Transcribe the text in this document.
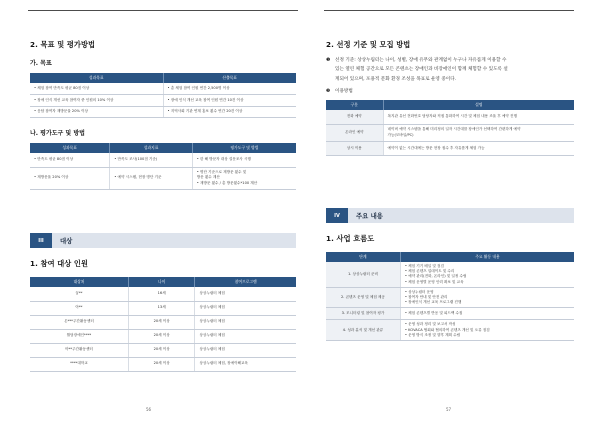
2. 목표 및 평가방법
가. 목표
성과목표	산출목표
• 체험 참여 만족도 평균 80점 이상	• 총 체험 참여 인원 연간 2,500명 이상
• 장애 인식 개선 교육 참여자 중 인원의 10% 이상	• 장애 인식 개선 교육 참여 인원 연간 10건 이상
• 응답 참여자 재방문율 20% 이상	• 지역사회 기관 연계 홍보 횟수 연간 20건 이상
나. 평가도구 및 방법
성과목표	성과지표	평가도구 및 방법
• 만족도 평균 80점 이상	• 만족도 조사(100점 기준)	• 한 해 방문자 대상 설문조사 시행
• 재방문율 20% 이상	• 예약 시스템, 현장 명단 기준	• 명단 기준으로 재방문 횟수 및
방문 횟수 계산
• 재방문 횟수 / 총 방문횟수*100 계산
III	대상
1. 참여 대상 인원
대상처	나이	참여프로그램
꿈**	16세	상상누림터 체험
아**	13세	상상누림터 체험
온***주간활동센터	20세 이상	상상누림터 체험
월담장애인****	20세 이상	상상누림터 체험
아**주간활동센터	20세 이상	상상누림터 체험
****대학교	20세 이상	상상누림터 체험, 장애이해교육
56
2. 선정 기준 및 모집 방법
❶	선정 기준: 상상누림터는 나이, 성별, 장애 유무와 관계없이 누구나 자유롭게 이용할 수
있는 열린 체험 공간으로 모든 콘텐츠는 장애인과 비장애인이 함께 체험할 수 있도록 설
계되어 있으며, 포용적 문화 환경 조성을 목표로 운영 중이다.
❷	이용방법
구분	설명
전화 예약	복지관 유선 전화번호 담당자와 직접 통화하여 시간 및 체험 내용 조율 후 예약 진행
온라인 예약	네이버 예약 시스템을 통해 미리정의 일자 시간대를 장애인가 선택하여 간편하게 예약
가능(모바일/PC)
상시 이용	예약이 없는 시간대에는 방문 현장 접수 후 자유롭게 체험 가능
IV	주요 내용
1. 사업 흐름도
단계	주요 활동 내용
1. 상상누림터 준비	• 체험 기기 배일 및 점검
• 체험 콘텐츠 업데이트 및 수리
• 예약 관리(전화, 온라인) 및 일정 수립
• 체험 운영별 운영 인력 확보 및 교육
2. 콘텐츠 운영 및 체험 제공	• 상상누림터 운영
• 참여자 안내 및 안전 관리
• 장애인식 개선 교육 프로그램 진행
3. 모니터링 및 참여자 평가	• 체험 콘텐츠별 반응 및 피드백 수집
4. 성과 분석 및 개선 관류	• 운영 성과 정리 및 보고서 작성
• KOVACA 협회와 협의하여 콘텐츠 개선 및 오류 점검
• 운영 방식 조정 및 향후 계획 수립
57
